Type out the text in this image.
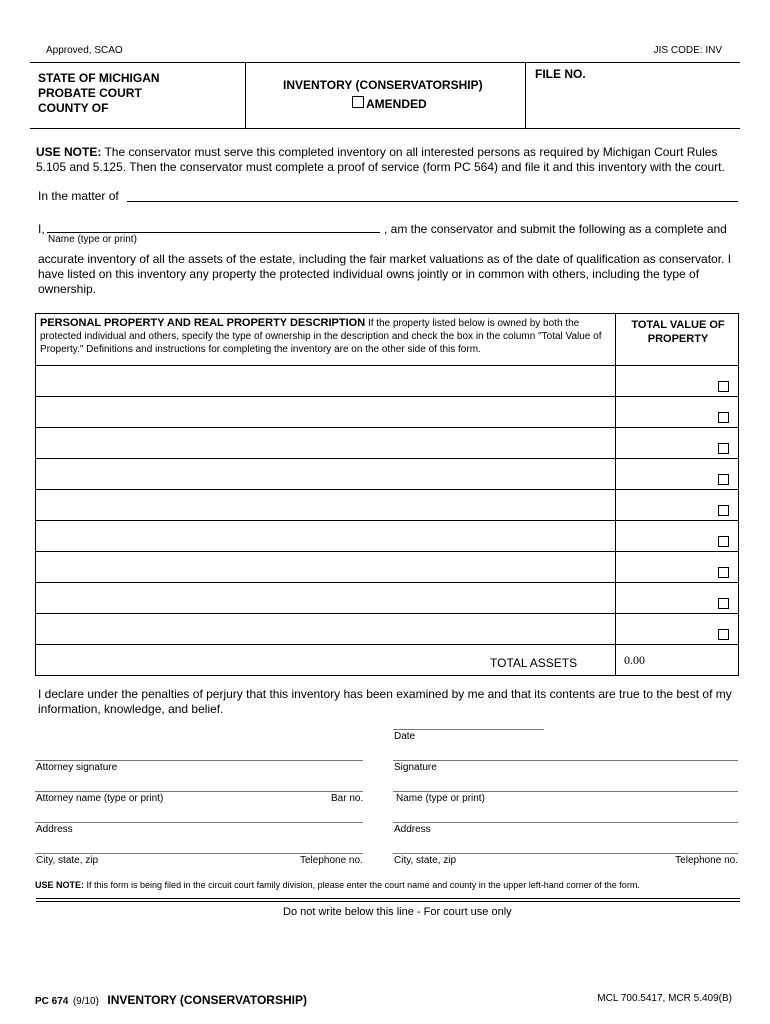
Approved, SCAO	JIS CODE: INV
STATE OF MICHIGAN
PROBATE COURT
COUNTY OF
INVENTORY (CONSERVATORSHIP)
AMENDED
FILE NO.
USE NOTE: The conservator must serve this completed inventory on all interested persons as required by Michigan Court Rules 5.105 and 5.125. Then the conservator must complete a proof of service (form PC 564) and file it and this inventory with the court.
In the matter of
I,
Name (type or print)
, am the conservator and submit the following as a complete and
accurate inventory of all the assets of the estate, including the fair market valuations as of the date of qualification as conservator. I have listed on this inventory any property the protected individual owns jointly or in common with others, including the type of ownership.
PERSONAL PROPERTY AND REAL PROPERTY DESCRIPTION If the property listed below is owned by both the protected individual and others, specify the type of ownership in the description and check the box in the column "Total Value of Property." Definitions and instructions for completing the inventory are on the other side of this form.
TOTAL VALUE OF PROPERTY
TOTAL ASSETS	0.00
I declare under the penalties of perjury that this inventory has been examined by me and that its contents are true to the best of my information, knowledge, and belief.
Date
Attorney signature	Signature
Attorney name (type or print)	Bar no.	Name (type or print)
Address	Address
City, state, zip	Telephone no.	City, state, zip	Telephone no.
USE NOTE: If this form is being filed in the circuit court family division, please enter the court name and county in the upper left-hand corner of the form.
Do not write below this line - For court use only
PC 674 (9/10) INVENTORY (CONSERVATORSHIP)	MCL 700.5417, MCR 5.409(B)
